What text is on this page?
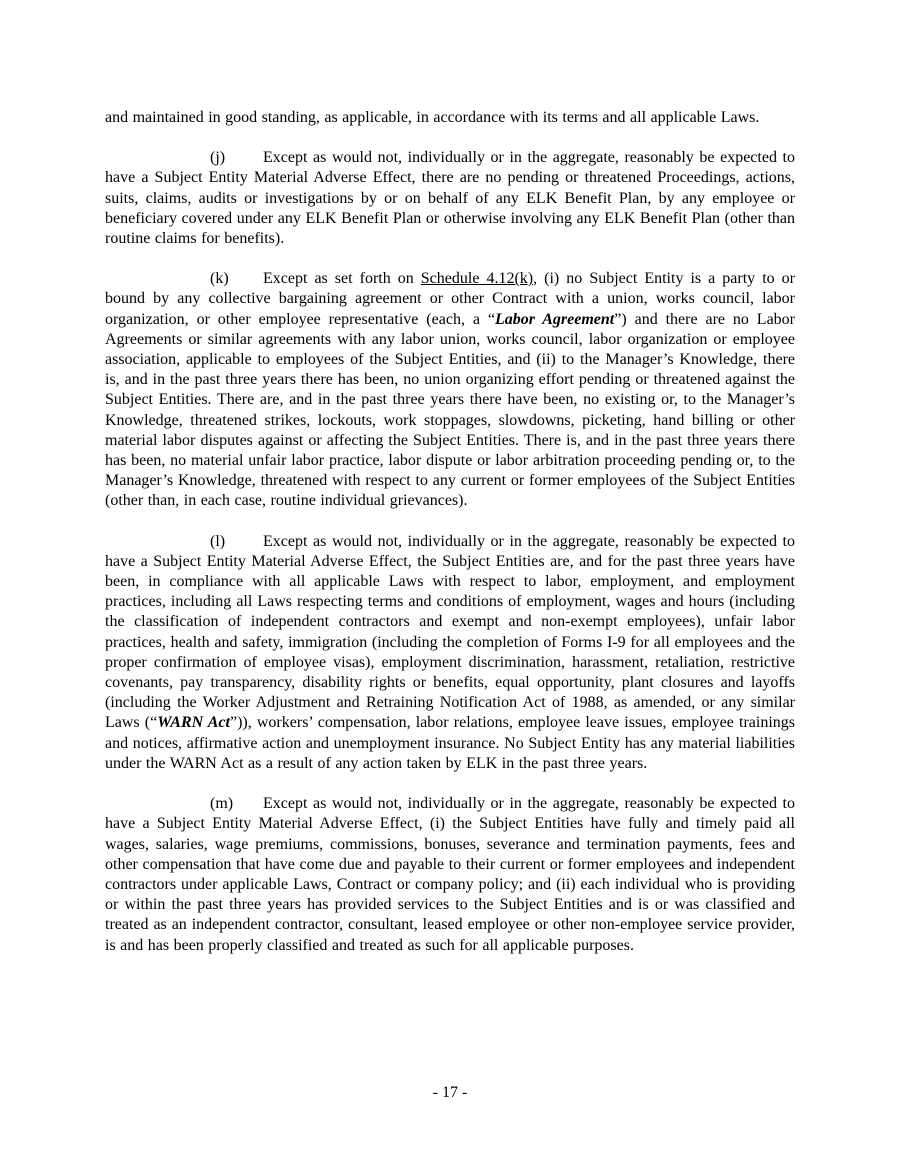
and maintained in good standing, as applicable, in accordance with its terms and all applicable Laws.

(j) Except as would not, individually or in the aggregate, reasonably be expected to have a Subject Entity Material Adverse Effect, there are no pending or threatened Proceedings, actions, suits, claims, audits or investigations by or on behalf of any ELK Benefit Plan, by any employee or beneficiary covered under any ELK Benefit Plan or otherwise involving any ELK Benefit Plan (other than routine claims for benefits).

(k) Except as set forth on Schedule 4.12(k), (i) no Subject Entity is a party to or bound by any collective bargaining agreement or other Contract with a union, works council, labor organization, or other employee representative (each, a “Labor Agreement”) and there are no Labor Agreements or similar agreements with any labor union, works council, labor organization or employee association, applicable to employees of the Subject Entities, and (ii) to the Manager’s Knowledge, there is, and in the past three years there has been, no union organizing effort pending or threatened against the Subject Entities. There are, and in the past three years there have been, no existing or, to the Manager’s Knowledge, threatened strikes, lockouts, work stoppages, slowdowns, picketing, hand billing or other material labor disputes against or affecting the Subject Entities. There is, and in the past three years there has been, no material unfair labor practice, labor dispute or labor arbitration proceeding pending or, to the Manager’s Knowledge, threatened with respect to any current or former employees of the Subject Entities (other than, in each case, routine individual grievances).

(l) Except as would not, individually or in the aggregate, reasonably be expected to have a Subject Entity Material Adverse Effect, the Subject Entities are, and for the past three years have been, in compliance with all applicable Laws with respect to labor, employment, and employment practices, including all Laws respecting terms and conditions of employment, wages and hours (including the classification of independent contractors and exempt and non-exempt employees), unfair labor practices, health and safety, immigration (including the completion of Forms I-9 for all employees and the proper confirmation of employee visas), employment discrimination, harassment, retaliation, restrictive covenants, pay transparency, disability rights or benefits, equal opportunity, plant closures and layoffs (including the Worker Adjustment and Retraining Notification Act of 1988, as amended, or any similar Laws (“WARN Act”)), workers’ compensation, labor relations, employee leave issues, employee trainings and notices, affirmative action and unemployment insurance. No Subject Entity has any material liabilities under the WARN Act as a result of any action taken by ELK in the past three years.

(m) Except as would not, individually or in the aggregate, reasonably be expected to have a Subject Entity Material Adverse Effect, (i) the Subject Entities have fully and timely paid all wages, salaries, wage premiums, commissions, bonuses, severance and termination payments, fees and other compensation that have come due and payable to their current or former employees and independent contractors under applicable Laws, Contract or company policy; and (ii) each individual who is providing or within the past three years has provided services to the Subject Entities and is or was classified and treated as an independent contractor, consultant, leased employee or other non-employee service provider, is and has been properly classified and treated as such for all applicable purposes.

- 17 -
